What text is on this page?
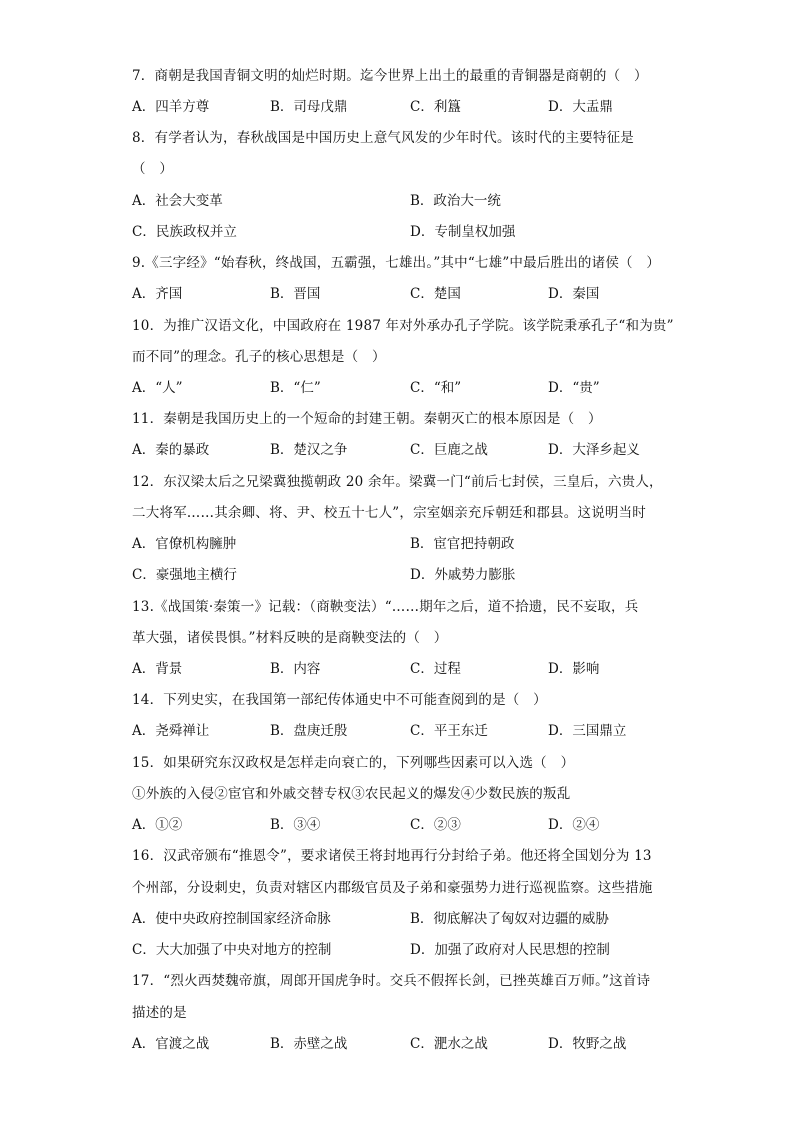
7．商朝是我国青铜文明的灿烂时期。迄今世界上出土的最重的青铜器是商朝的（　）
A．四羊方尊	B．司母戊鼎	C．利簋	D．大盂鼎
8．有学者认为，春秋战国是中国历史上意气风发的少年时代。该时代的主要特征是
（　）
A．社会大变革	B．政治大一统
C．民族政权并立	D．专制皇权加强
9.《三字经》“始春秋，终战国，五霸强，七雄出。”其中“七雄”中最后胜出的诸侯（　）
A．齐国	B．晋国	C．楚国	D．秦国
10．为推广汉语文化，中国政府在 1987 年对外承办孔子学院。该学院秉承孔子“和为贵”
而不同”的理念。孔子的核心思想是（　）
A．“人”	B．“仁”	C．“和”	D．“贵”
11．秦朝是我国历史上的一个短命的封建王朝。秦朝灭亡的根本原因是（　）
A．秦的暴政	B．楚汉之争	C．巨鹿之战	D．大泽乡起义
12．东汉梁太后之兄梁冀独揽朝政 20 余年。梁冀一门“前后七封侯，三皇后，六贵人，
二大将军……其余卿、将、尹、校五十七人”，宗室姻亲充斥朝廷和郡县。这说明当时
A．官僚机构臃肿	B．宦官把持朝政
C．豪强地主横行	D．外戚势力膨胀
13.《战国策·秦策一》记载：（商鞅变法）“……期年之后，道不拾遗，民不妄取，兵
革大强，诸侯畏惧。”材料反映的是商鞅变法的（　）
A．背景	B．内容	C．过程	D．影响
14．下列史实，在我国第一部纪传体通史中不可能查阅到的是（　）
A．尧舜禅让	B．盘庚迁殷	C．平王东迁	D．三国鼎立
15．如果研究东汉政权是怎样走向衰亡的，下列哪些因素可以入选（　）
①外族的入侵②宦官和外戚交替专权③农民起义的爆发④少数民族的叛乱
A．①②	B．③④	C．②③	D．②④
16．汉武帝颁布“推恩令”，要求诸侯王将封地再行分封给子弟。他还将全国划分为 13
个州部，分设刺史，负责对辖区内郡级官员及子弟和豪强势力进行巡视监察。这些措施
A．使中央政府控制国家经济命脉	B．彻底解决了匈奴对边疆的威胁
C．大大加强了中央对地方的控制	D．加强了政府对人民思想的控制
17．“烈火西焚魏帝旗，周郎开国虎争时。交兵不假挥长剑，已挫英雄百万师。”这首诗
描述的是
A．官渡之战	B．赤壁之战	C．淝水之战	D．牧野之战
